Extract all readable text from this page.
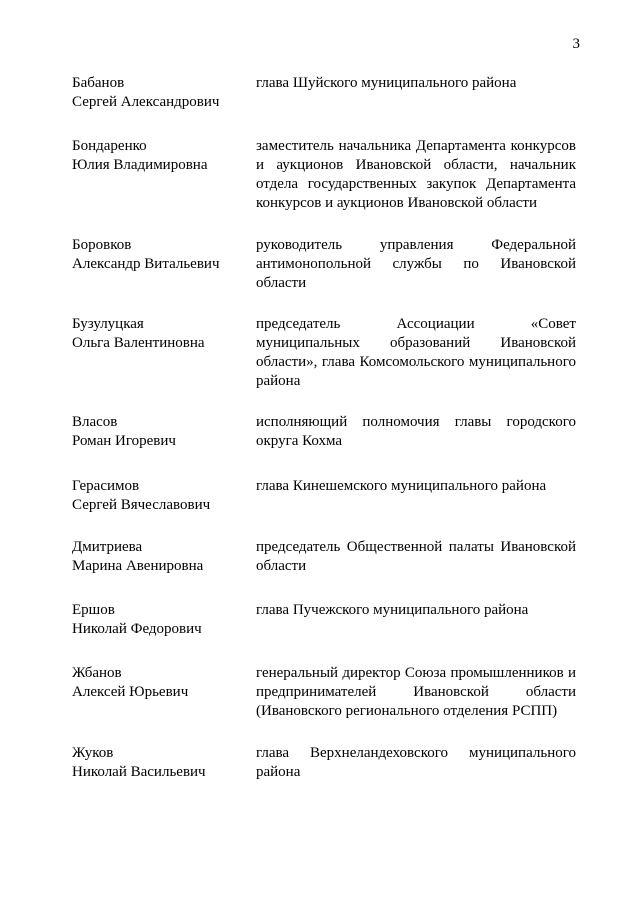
3
Бабанов
Сергей Александрович
глава Шуйского муниципального района
Бондаренко
Юлия Владимировна
заместитель начальника Департамента конкурсов и аукционов Ивановской области, начальник отдела государственных закупок Департамента конкурсов и аукционов Ивановской области
Боровков
Александр Витальевич
руководитель управления Федеральной антимонопольной службы по Ивановской области
Бузулуцкая
Ольга Валентиновна
председатель Ассоциации «Совет муниципальных образований Ивановской области», глава Комсомольского муниципального района
Власов
Роман Игоревич
исполняющий полномочия главы городского округа Кохма
Герасимов
Сергей Вячеславович
глава Кинешемского муниципального района
Дмитриева
Марина Авенировна
председатель Общественной палаты Ивановской области
Ершов
Николай Федорович
глава Пучежского муниципального района
Жбанов
Алексей Юрьевич
генеральный директор Союза промышленников и предпринимателей Ивановской области (Ивановского регионального отделения РСПП)
Жуков
Николай Васильевич
глава Верхнеландеховского муниципального района
